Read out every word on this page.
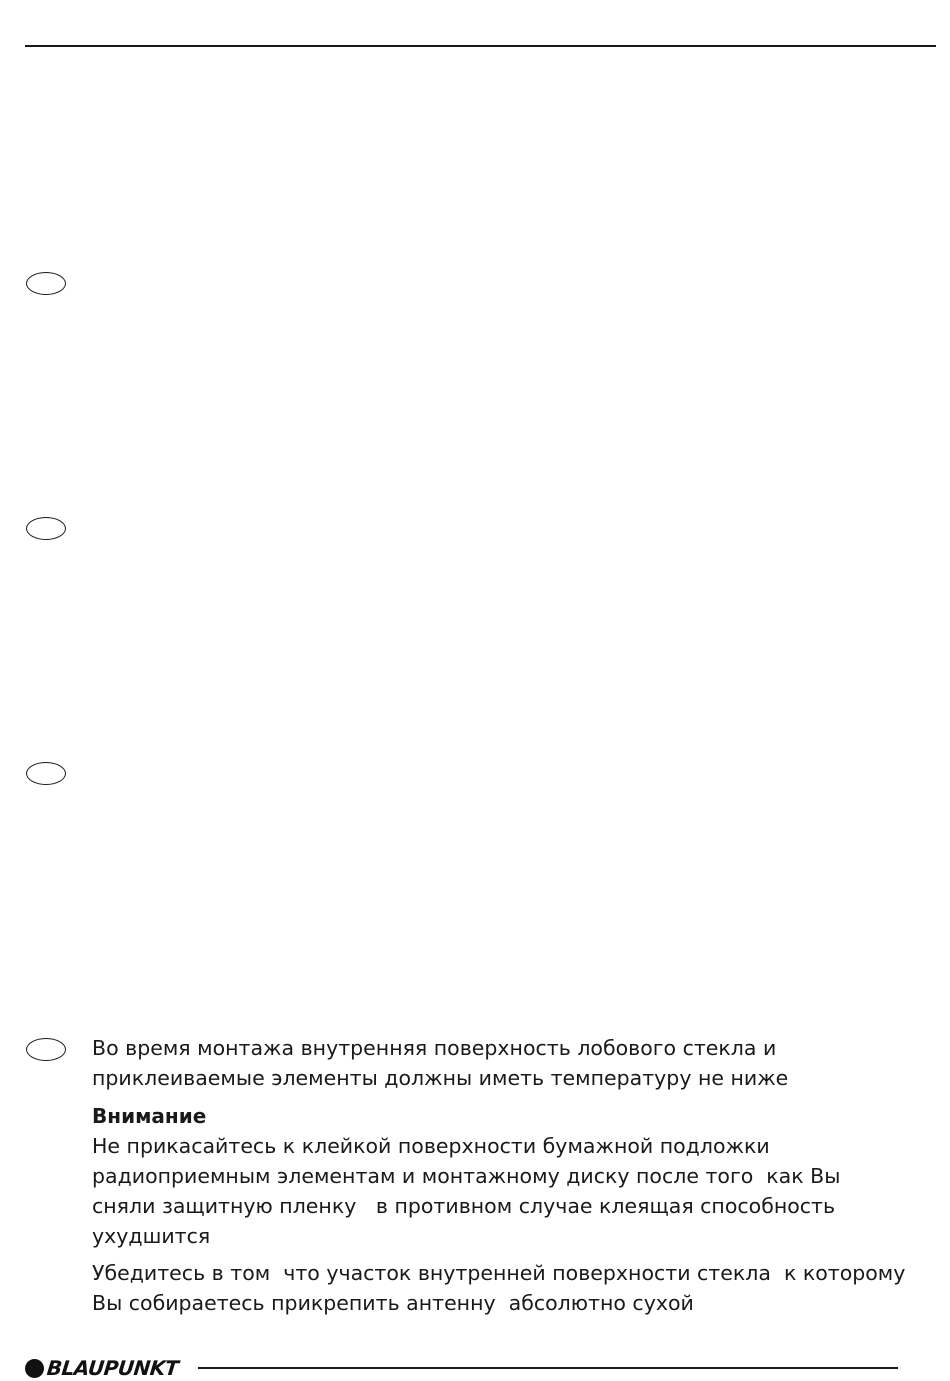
Во время монтажа внутренняя поверхность лобового стекла и
приклеиваемые элементы должны иметь температуру не ниже

Внимание

Не прикасайтесь к клейкой поверхности бумажной подложки
радиоприемным элементам и монтажному диску после того  как Вы
сняли защитную пленку   в противном случае клеящая способность
ухудшится

Убедитесь в том  что участок внутренней поверхности стекла  к которому
Вы собираетесь прикрепить антенну  абсолютно сухой

BLAUPUNKT
